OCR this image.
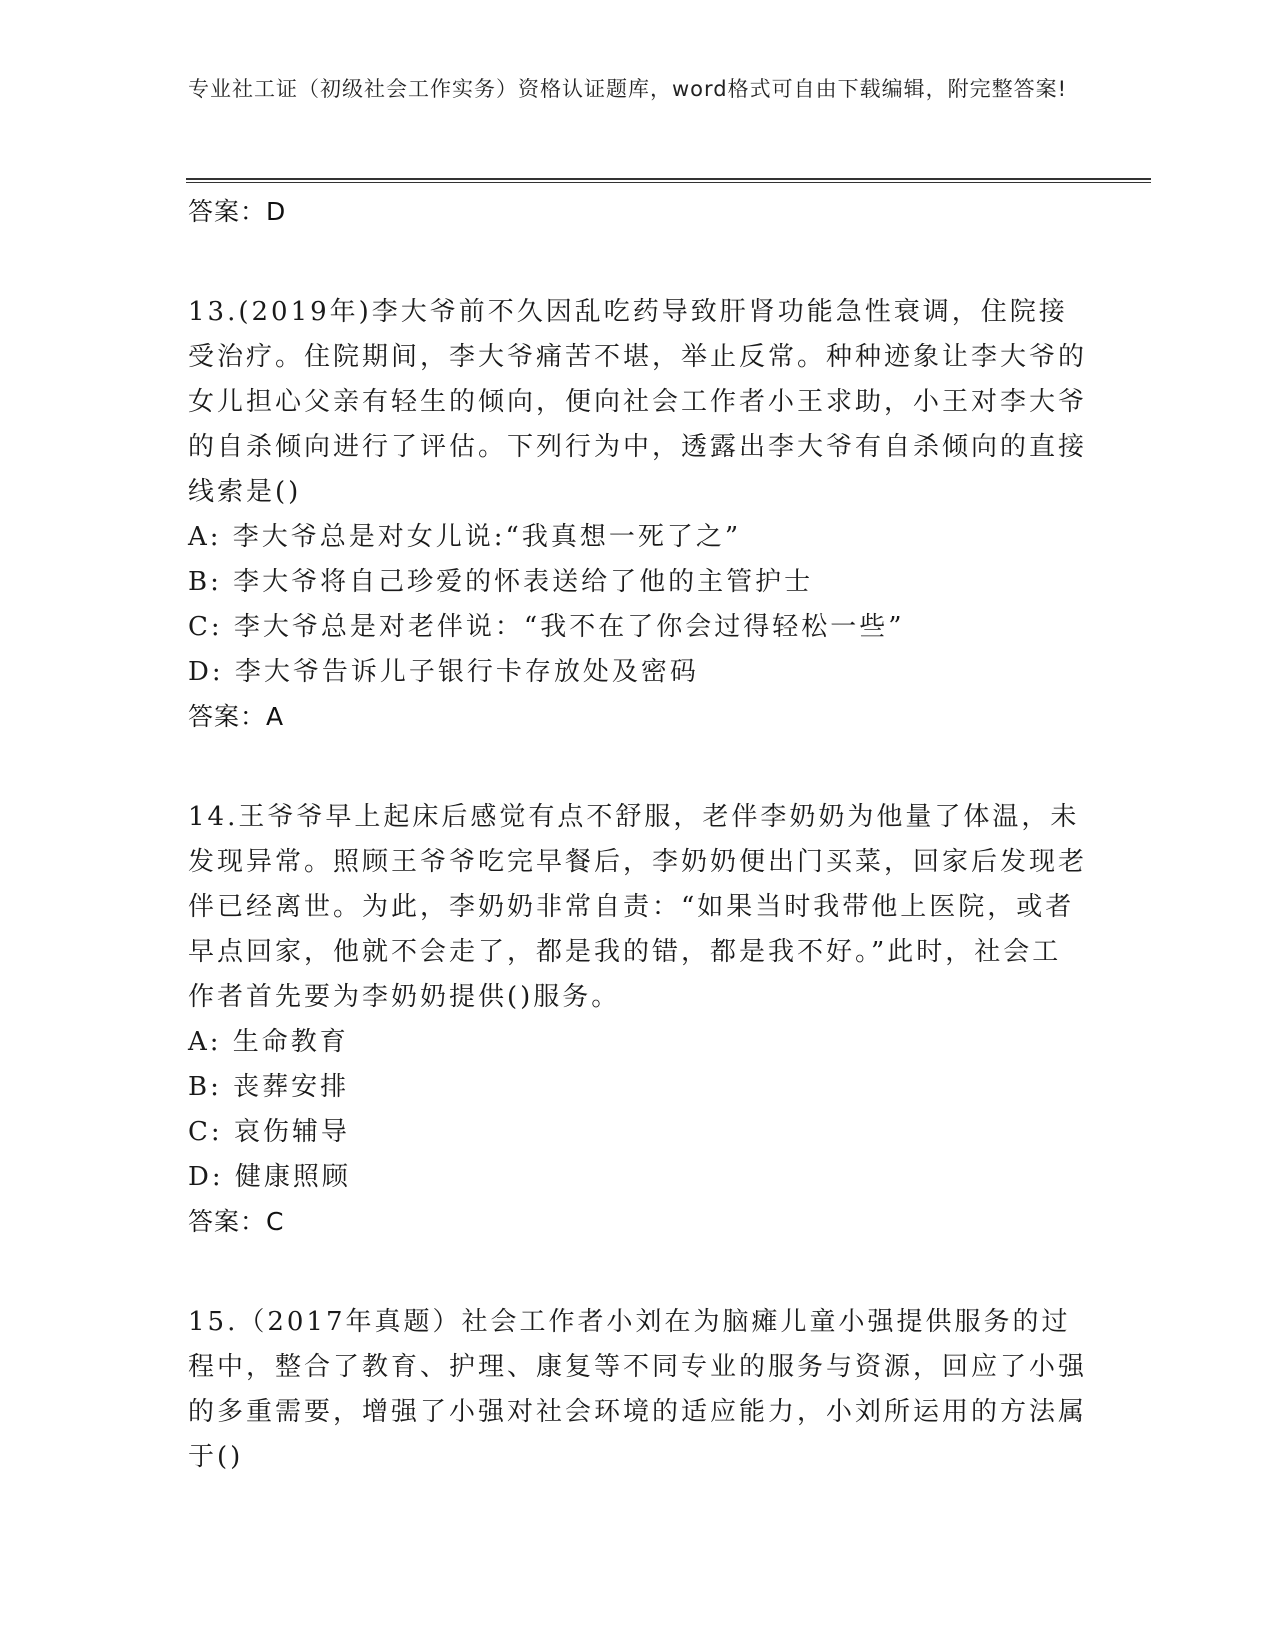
专业社工证（初级社会工作实务）资格认证题库，word格式可自由下载编辑，附完整答案!
答案：D
13.(2019年)李大爷前不久因乱吃药导致肝肾功能急性衰调，住院接受治疗。住院期间，李大爷痛苦不堪，举止反常。种种迹象让李大爷的女儿担心父亲有轻生的倾向，便向社会工作者小王求助，小王对李大爷的自杀倾向进行了评估。下列行为中，透露出李大爷有自杀倾向的直接线索是()
A: 李大爷总是对女儿说:“我真想一死了之”
B: 李大爷将自己珍爱的怀表送给了他的主管护士
C: 李大爷总是对老伴说：“我不在了你会过得轻松一些”
D: 李大爷告诉儿子银行卡存放处及密码
答案：A
14.王爷爷早上起床后感觉有点不舒服，老伴李奶奶为他量了体温，未发现异常。照顾王爷爷吃完早餐后，李奶奶便出门买菜，回家后发现老伴已经离世。为此，李奶奶非常自责：“如果当时我带他上医院，或者早点回家，他就不会走了，都是我的错，都是我不好。”此时，社会工作者首先要为李奶奶提供()服务。
A: 生命教育
B: 丧葬安排
C: 哀伤辅导
D: 健康照顾
答案：C
15.（2017年真题）社会工作者小刘在为脑瘫儿童小强提供服务的过程中，整合了教育、护理、康复等不同专业的服务与资源，回应了小强的多重需要，增强了小强对社会环境的适应能力，小刘所运用的方法属于()
